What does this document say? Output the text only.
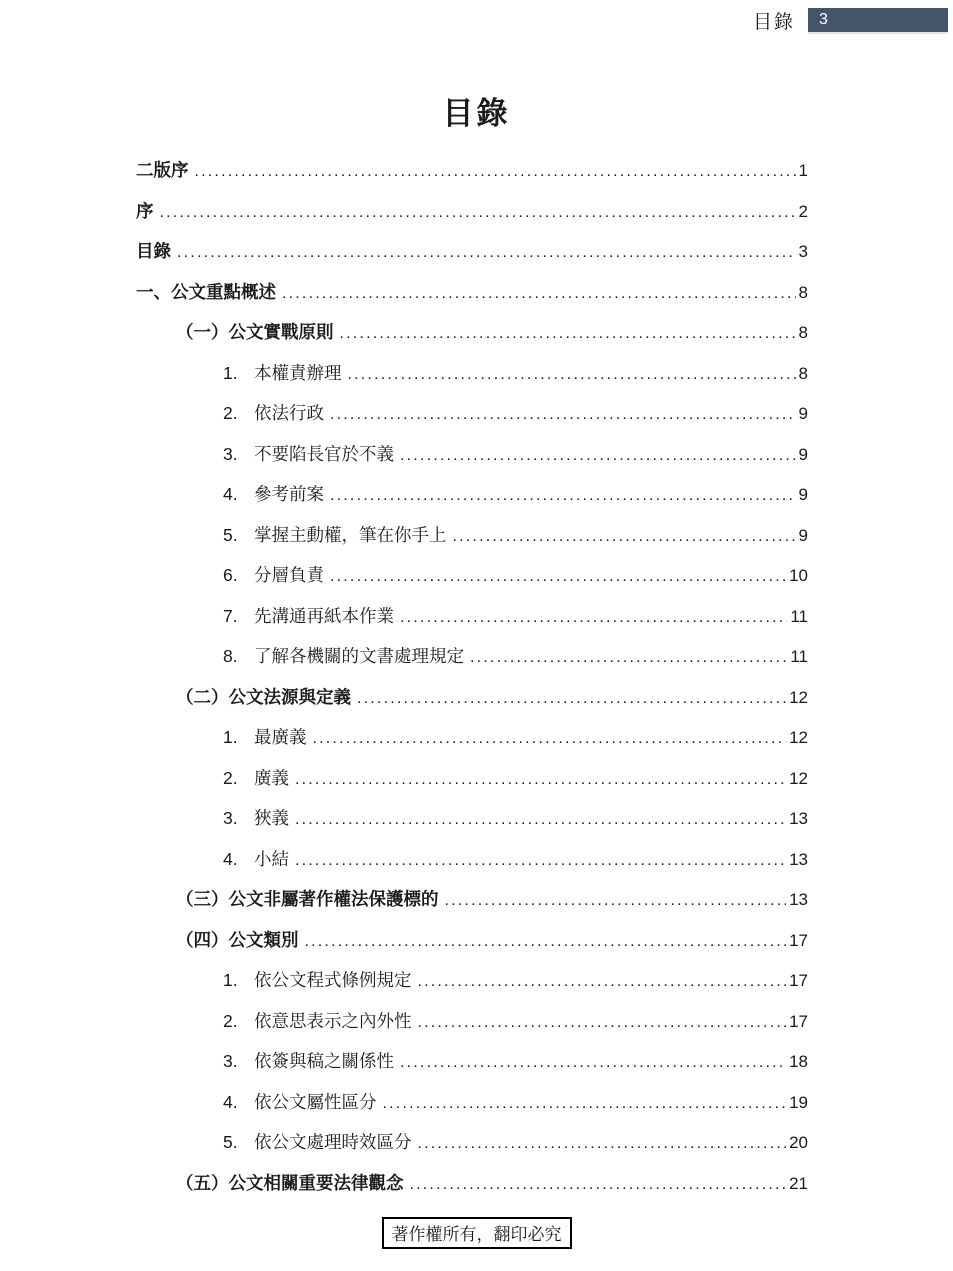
目錄	3
目錄
二版序 .....	1
序 .....	2
目錄 .....	3
一、公文重點概述 .....	8
（一）公文實戰原則 .....	8
1. 本權責辦理 .....	8
2. 依法行政 .....	9
3. 不要陷長官於不義 .....	9
4. 參考前案 .....	9
5. 掌握主動權，筆在你手上 .....	9
6. 分層負責 .....	10
7. 先溝通再紙本作業 .....	11
8. 了解各機關的文書處理規定 .....	11
（二）公文法源與定義 .....	12
1. 最廣義 .....	12
2. 廣義 .....	12
3. 狹義 .....	13
4. 小結 .....	13
（三）公文非屬著作權法保護標的 .....	13
（四）公文類別 .....	17
1. 依公文程式條例規定 .....	17
2. 依意思表示之內外性 .....	17
3. 依簽與稿之關係性 .....	18
4. 依公文屬性區分 .....	19
5. 依公文處理時效區分 .....	20
（五）公文相關重要法律觀念 .....	21
著作權所有，翻印必究
